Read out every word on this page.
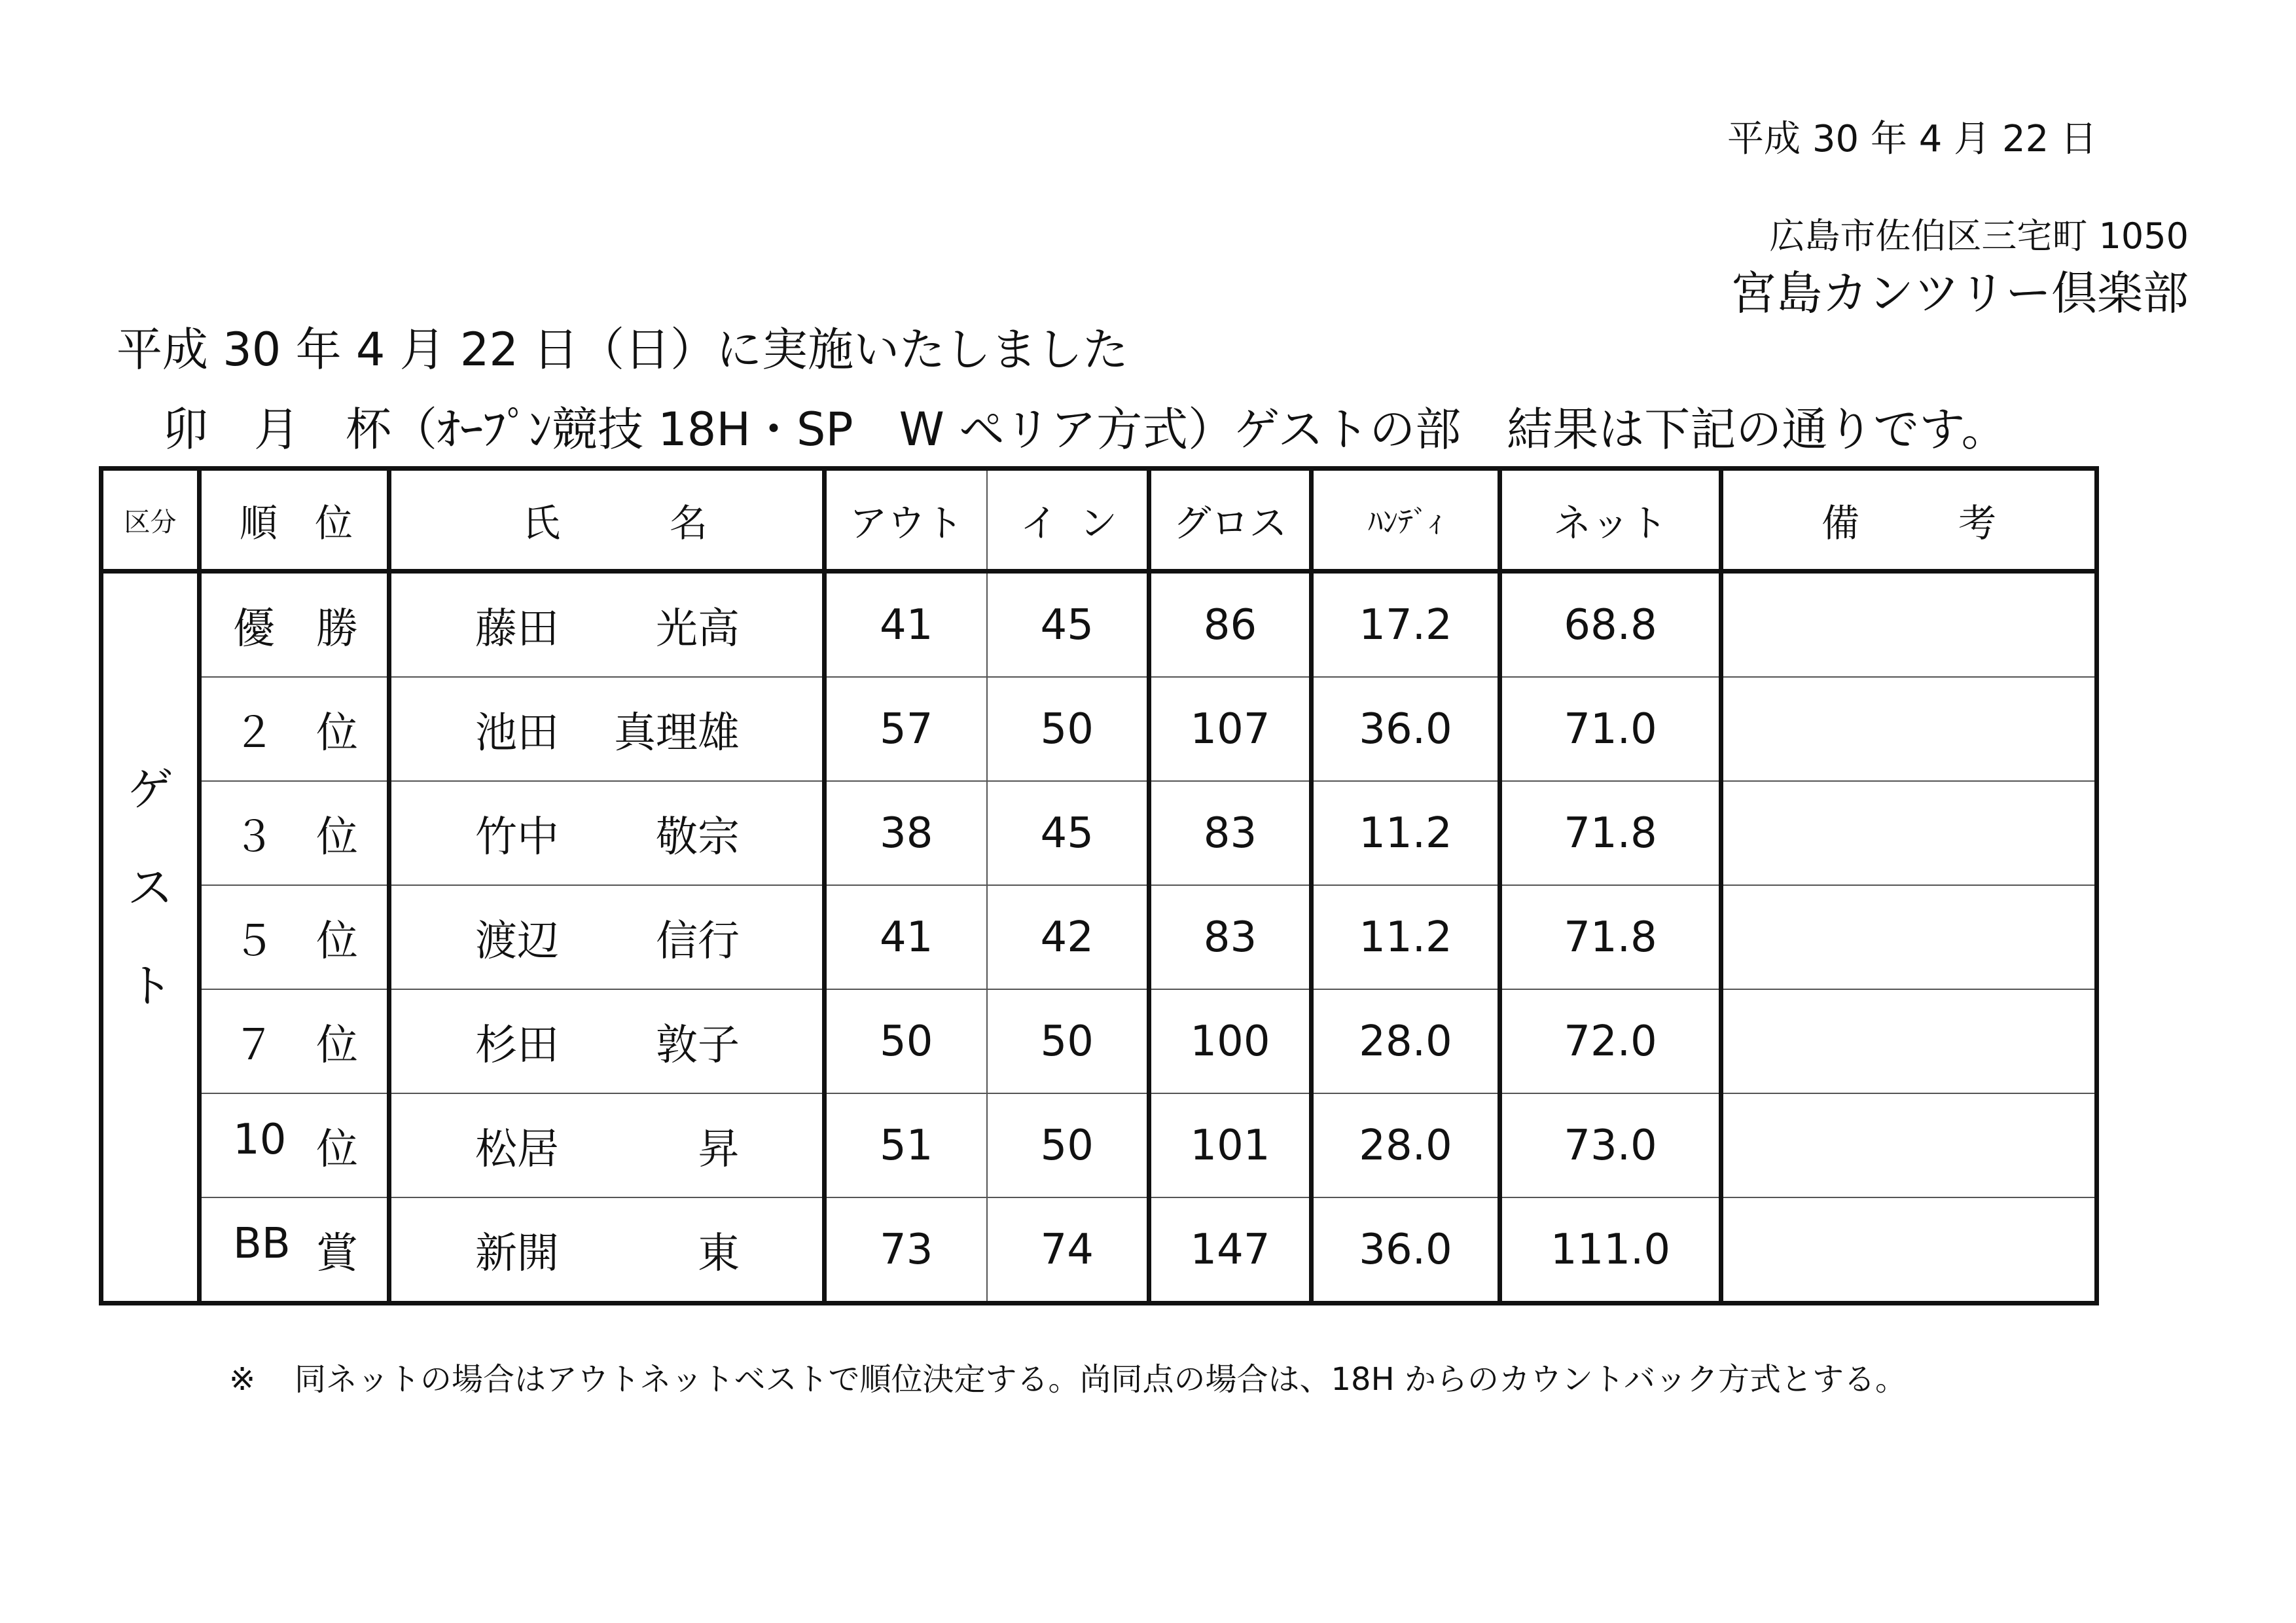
平成 30 年 4 月 22 日
広島市佐伯区三宅町 1050
宮島カンツリー倶楽部
平成 30 年 4 月 22 日（日）に実施いたしました
卯　月　杯（ｵｰﾌﾟﾝ競技 18H・SP　W ペリア方式）ゲストの部　結果は下記の通りです。
区分	順 位	氏 名	アウト	イ ン	グロス	ﾊﾝﾃﾞｨ	ネット	備 考

ゲ
ス
ト	優 勝	藤田 光高	41	45	86	17.2	68.8	

	２ 位	池田 真理雄	57	50	107	36.0	71.0	

	３ 位	竹中 敬宗	38	45	83	11.2	71.8	

	５ 位	渡辺 信行	41	42	83	11.2	71.8	

	７ 位	杉田 敦子	50	50	100	28.0	72.0	

	10 位	松居 昇	51	50	101	28.0	73.0	

	BB 賞	新開 東	73	74	147	36.0	111.0	
※ 同ネットの場合はアウトネットベストで順位決定する。尚同点の場合は、18H からのカウントバック方式とする。
